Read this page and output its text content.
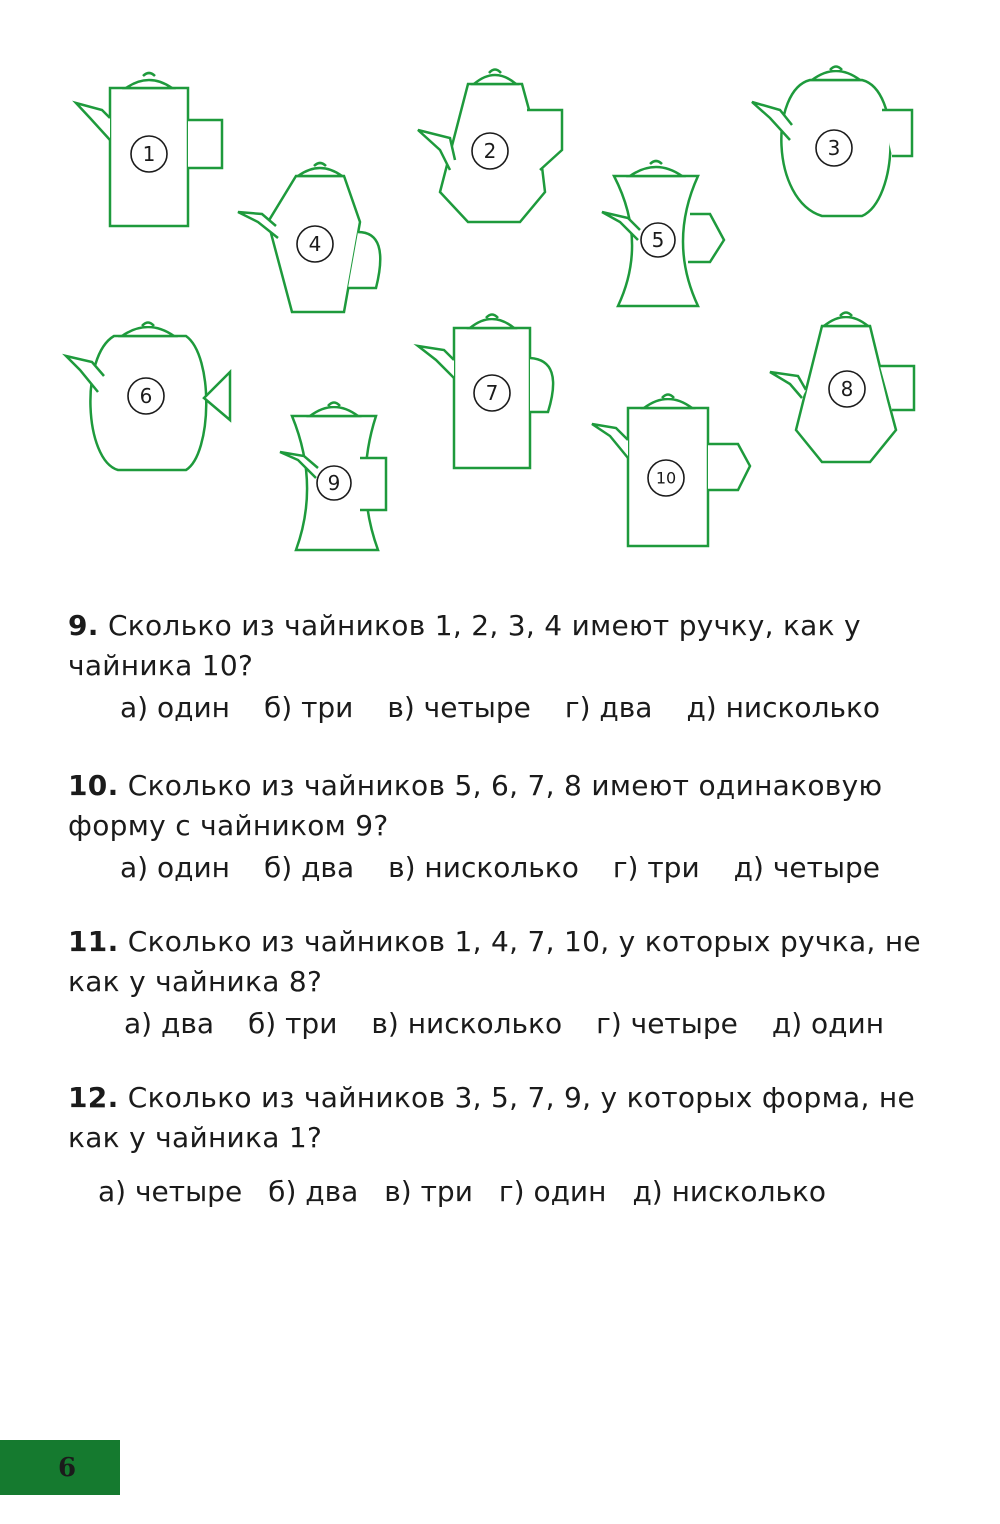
1	2	3
4	5
6
9
7
10
8
9. Сколько из чайников 1, 2, 3, 4 имеют ручку, как у чайника 10?
а) один б) три в) четыре г) два д) нисколько
10. Сколько из чайников 5, 6, 7, 8 имеют одинаковую форму с чайником 9?
а) один б) два в) нисколько г) три д) четыре
11. Сколько из чайников 1, 4, 7, 10, у которых ручка, не как у чайника 8?
а) два б) три в) нисколько г) четыре д) один
12. Сколько из чайников 3, 5, 7, 9, у которых форма, не как у чайника 1?
а) четыре б) два в) три г) один д) нисколько
6
